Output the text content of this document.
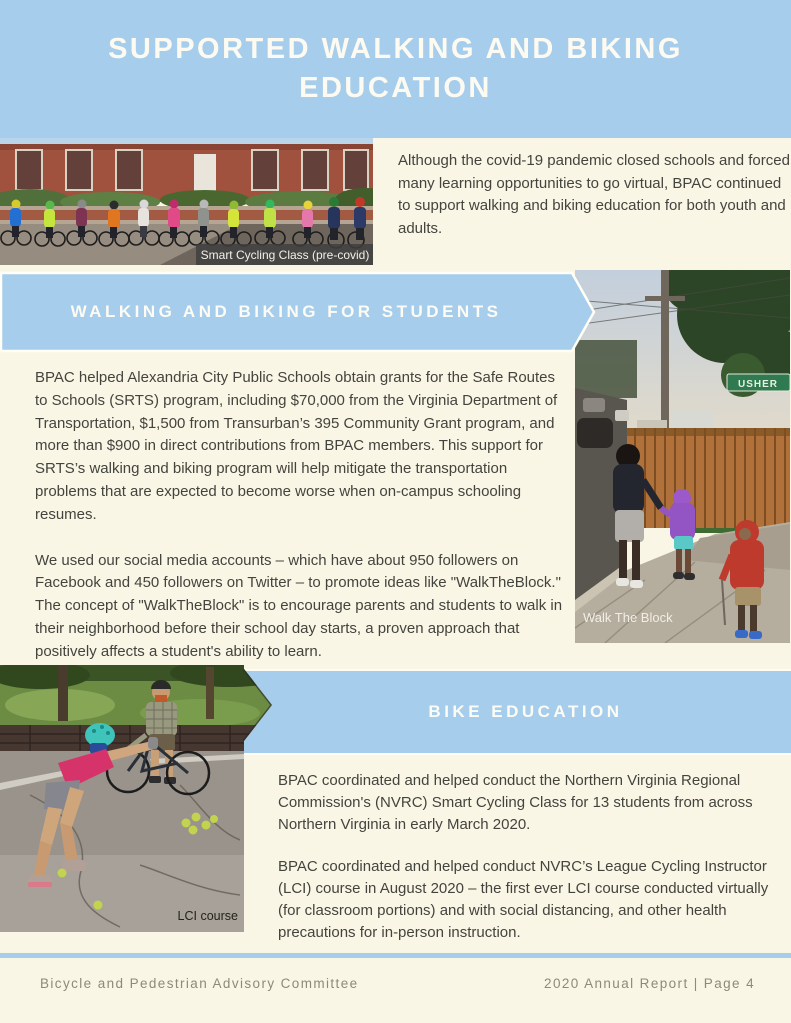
SUPPORTED WALKING AND BIKING EDUCATION
Smart Cycling Class (pre-covid)
Although the covid-19 pandemic closed schools and forced many learning opportunities to go virtual, BPAC continued to support walking and biking education for both youth and adults.
USHER
Walk The Block
WALKING AND BIKING FOR STUDENTS

BPAC helped Alexandria City Public Schools obtain grants for the Safe Routes to Schools (SRTS) program, including $70,000 from the Virginia Department of Transportation, $1,500 from Transurban’s 395 Community Grant program, and more than $900 in direct contributions from BPAC members. This support for SRTS’s walking and biking program will help mitigate the transportation problems that are expected to become worse when on-campus schooling resumes.

We used our social media accounts – which have about 950 followers on Facebook and 450 followers on Twitter – to promote ideas like "WalkTheBlock." The concept of "WalkTheBlock" is to encourage parents and students to walk in their neighborhood before their school day starts, a proven approach that positively affects a student's ability to learn.

BIKE EDUCATION
LCI course

BPAC coordinated and helped conduct the Northern Virginia Regional Commission's (NVRC) Smart Cycling Class for 13 students from across Northern Virginia in early March 2020.

BPAC coordinated and helped conduct NVRC’s League Cycling Instructor (LCI) course in August 2020 – the first ever LCI course conducted virtually (for classroom portions) and with social distancing, and other health precautions for in-person instruction.

Bicycle and Pedestrian Advisory Committee	2020 Annual Report | Page 4
